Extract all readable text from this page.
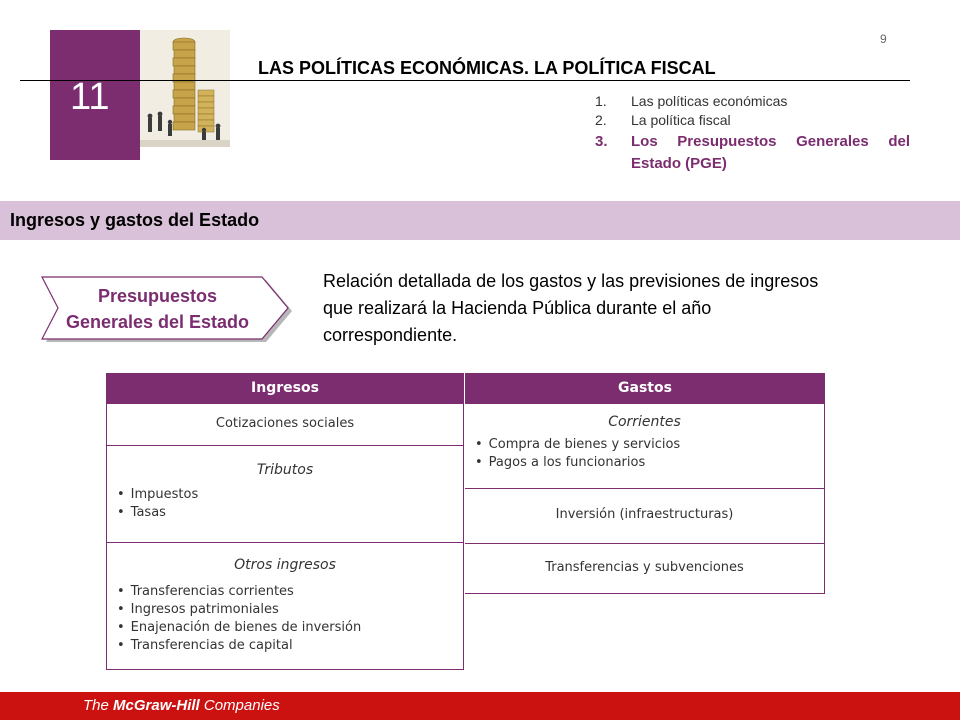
9
11
LAS POLÍTICAS ECONÓMICAS. LA POLÍTICA FISCAL
1.	Las políticas económicas
2.	La política fiscal
3.	Los Presupuestos Generales del Estado (PGE)
Ingresos y gastos del Estado
Presupuestos
Generales del Estado
Relación detallada de los gastos y las previsiones de ingresos que realizará la Hacienda Pública durante el año correspondiente.
Ingresos
Cotizaciones sociales
Tributos
• Impuestos
• Tasas
Otros ingresos
• Transferencias corrientes
• Ingresos patrimoniales
• Enajenación de bienes de inversión
• Transferencias de capital
Gastos
Corrientes
• Compra de bienes y servicios
• Pagos a los funcionarios
Inversión (infraestructuras)
Transferencias y subvenciones
The McGraw-Hill Companies
